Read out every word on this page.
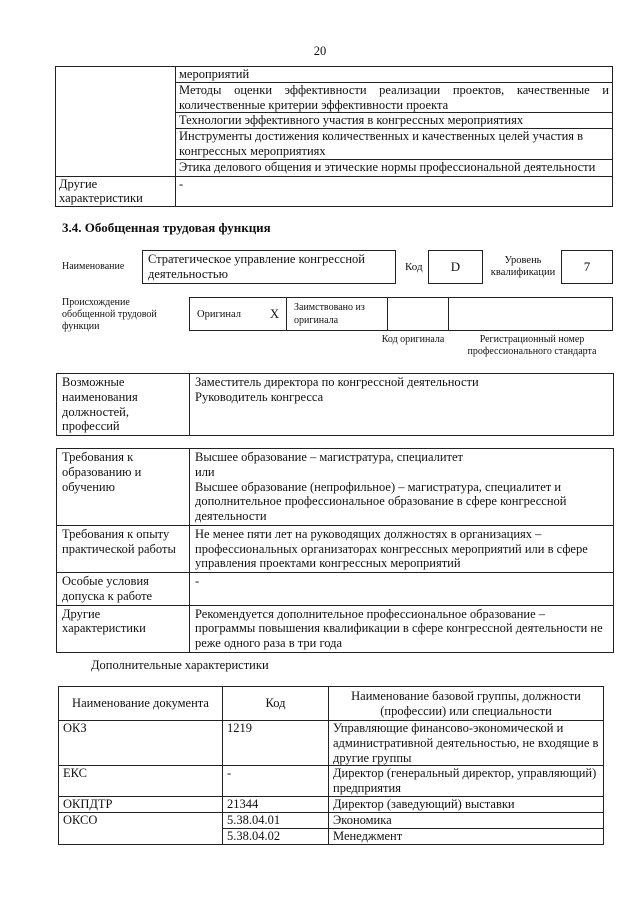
20
	мероприятий
	Методы оценки эффективности реализации проектов, качественные и количественные критерии эффективности проекта
	Технологии эффективного участия в конгрессных мероприятиях
	Инструменты достижения количественных и качественных целей участия в конгрессных мероприятиях
	Этика делового общения и этические нормы профессиональной деятельности
Другие характеристики	-
3.4. Обобщенная трудовая функция
Наименование
Стратегическое управление конгрессной деятельностью	Код D	Уровень квалификации	7
Происхождение обобщенной трудовой функции
Оригинал X Заимствовано из оригинала
Код оригинала	Регистрационный номер профессионального стандарта
Возможные наименования должностей, профессий	
Заместитель директора по конгрессной деятельности
Руководитель конгресса
Требования к образованию и обучению	Высшее образование – магистратура, специалитет
или
Высшее образование (непрофильное) – магистратура, специалитет и дополнительное профессиональное образование в сфере конгрессной деятельности
Требования к опыту практической работы	Не менее пяти лет на руководящих должностях в организациях – профессиональных организаторах конгрессных мероприятий или в сфере управления проектами конгрессных мероприятий
Особые условия допуска к работе	-
Другие характеристики	Рекомендуется дополнительное профессиональное образование – программы повышения квалификации в сфере конгрессной деятельности не реже одного раза в три года
Дополнительные характеристики
Наименование документа	Код	Наименование базовой группы, должности (профессии) или специальности
ОКЗ	1219	Управляющие финансово-экономической и административной деятельностью, не входящие в другие группы
ЕКС	-	Директор (генеральный директор, управляющий) предприятия
ОКПДТР	21344	Директор (заведующий) выставки
ОКСО	5.38.04.01	Экономика
	5.38.04.02	Менеджмент
